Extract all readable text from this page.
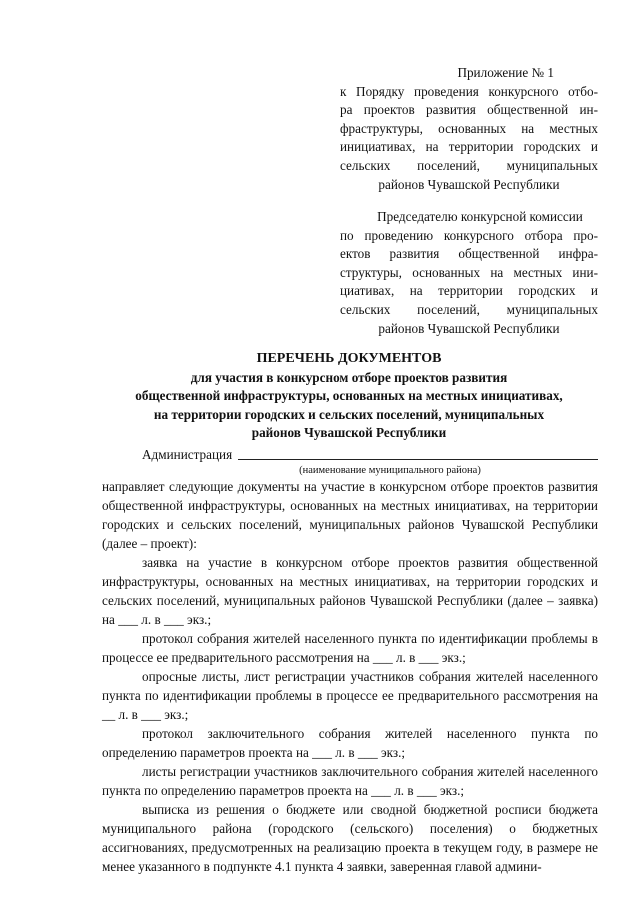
Приложение № 1
к Порядку проведения конкурсного отбо-
ра проектов развития общественной ин-
фраструктуры, основанных на местных
инициативах, на территории городских и
сельских поселений, муниципальных
районов Чувашской Республики
Председателю конкурсной комиссии
по проведению конкурсного отбора про-
ектов развития общественной инфра-
структуры, основанных на местных ини-
циативах, на территории городских и
сельских поселений, муниципальных
районов Чувашской Республики
ПЕРЕЧЕНЬ ДОКУМЕНТОВ
для участия в конкурсном отборе проектов развития
общественной инфраструктуры, основанных на местных инициативах,
на территории городских и сельских поселений, муниципальных
районов Чувашской Республики
Администрация
(наименование муниципального района)

направляет следующие документы на участие в конкурсном отборе проектов развития общественной инфраструктуры, основанных на местных инициативах, на территории городских и сельских поселений, муниципальных районов Чувашской Республики (далее – проект):

заявка на участие в конкурсном отборе проектов развития общественной инфраструктуры, основанных на местных инициативах, на территории городских и сельских поселений, муниципальных районов Чувашской Республики (далее – заявка) на ___ л. в ___ экз.;

протокол собрания жителей населенного пункта по идентификации проблемы в процессе ее предварительного рассмотрения на ___ л. в ___ экз.;

опросные листы, лист регистрации участников собрания жителей населенного пункта по идентификации проблемы в процессе ее предварительного рассмотрения на __ л. в ___ экз.;

протокол заключительного собрания жителей населенного пункта по определению параметров проекта на ___ л. в ___ экз.;

листы регистрации участников заключительного собрания жителей населенного пункта по определению параметров проекта на ___ л. в ___ экз.;

выписка из решения о бюджете или сводной бюджетной росписи бюджета муниципального района (городского (сельского) поселения) о бюджетных ассигнованиях, предусмотренных на реализацию проекта в текущем году, в размере не менее указанного в подпункте 4.1 пункта 4 заявки, заверенная главой админи-
